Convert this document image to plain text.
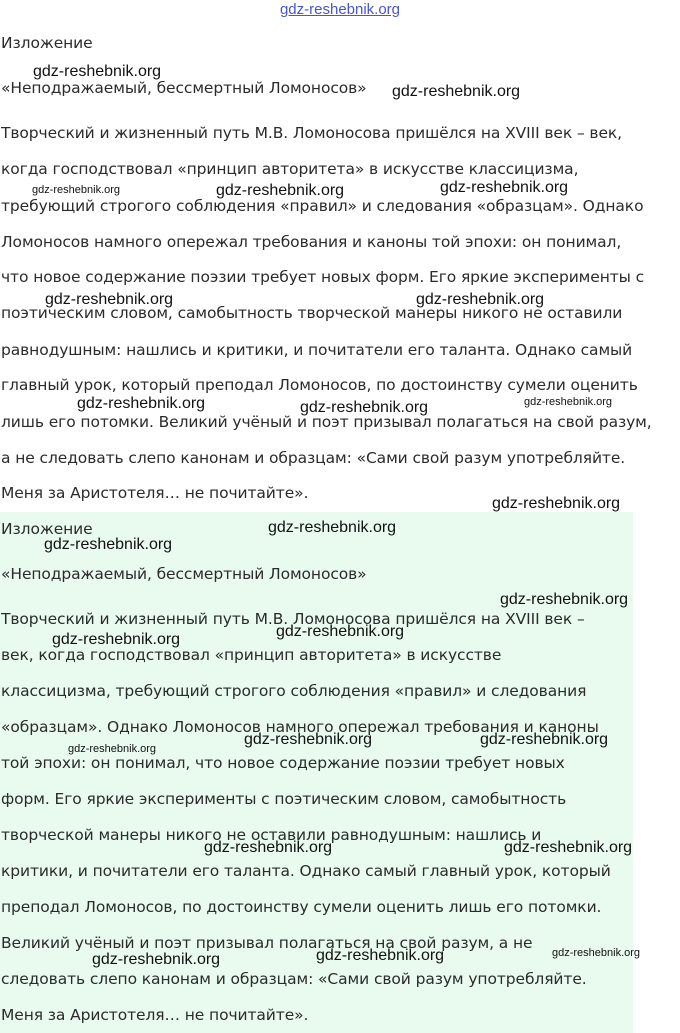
gdz-reshebnik.org
Изложение
«Неподражаемый, бессмертный Ломоносов»
Творческий и жизненный путь М.В. Ломоносова пришёлся на XVIII век – век,
когда господствовал «принцип авторитета» в искусстве классицизма,
требующий строгого соблюдения «правил» и следования «образцам». Однако
Ломоносов намного опережал требования и каноны той эпохи: он понимал,
что новое содержание поэзии требует новых форм. Его яркие эксперименты с
поэтическим словом, самобытность творческой манеры никого не оставили
равнодушным: нашлись и критики, и почитатели его таланта. Однако самый
главный урок, который преподал Ломоносов, по достоинству сумели оценить
лишь его потомки. Великий учёный и поэт призывал полагаться на свой разум,
а не следовать слепо канонам и образцам: «Сами свой разум употребляйте.
Меня за Аристотеля… не почитайте».
Изложение
«Неподражаемый, бессмертный Ломоносов»
Творческий и жизненный путь М.В. Ломоносова пришёлся на XVIII век –
век, когда господствовал «принцип авторитета» в искусстве
классицизма, требующий строгого соблюдения «правил» и следования
«образцам». Однако Ломоносов намного опережал требования и каноны
той эпохи: он понимал, что новое содержание поэзии требует новых
форм. Его яркие эксперименты с поэтическим словом, самобытность
творческой манеры никого не оставили равнодушным: нашлись и
критики, и почитатели его таланта. Однако самый главный урок, который
преподал Ломоносов, по достоинству сумели оценить лишь его потомки.
Великий учёный и поэт призывал полагаться на свой разум, а не
следовать слепо канонам и образцам: «Сами свой разум употребляйте.
Меня за Аристотеля… не почитайте».
gdz-reshebnik.org
gdz-reshebnik.org
gdz-reshebnik.org	gdz-reshebnik.org	gdz-reshebnik.org
gdz-reshebnik.org	gdz-reshebnik.org
gdz-reshebnik.org	gdz-reshebnik.org	gdz-reshebnik.org
gdz-reshebnik.org
gdz-reshebnik.org
gdz-reshebnik.org
gdz-reshebnik.org
gdz-reshebnik.org	gdz-reshebnik.org
gdz-reshebnik.org
gdz-reshebnik.org	gdz-reshebnik.org
gdz-reshebnik.org	gdz-reshebnik.org
gdz-reshebnik.org	gdz-reshebnik.org	gdz-reshebnik.org
